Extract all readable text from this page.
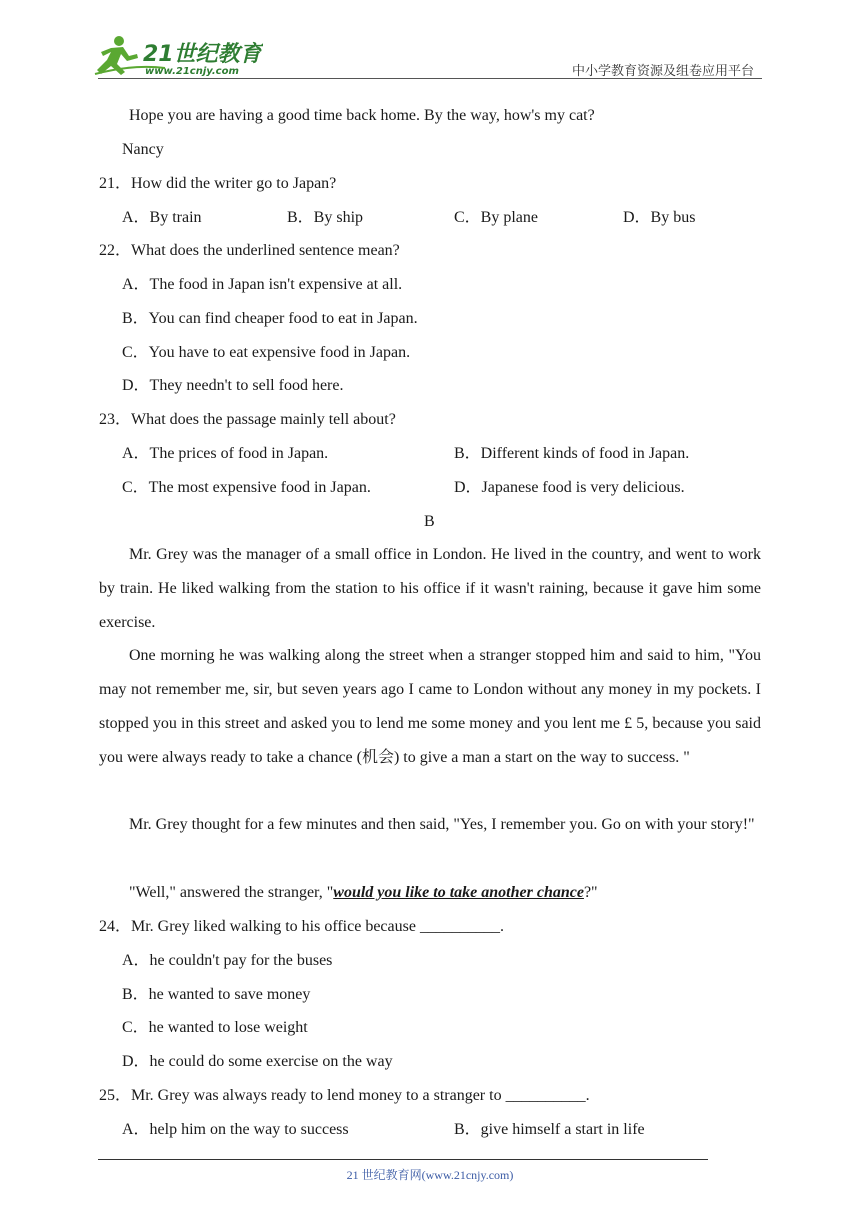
21世纪教育
www.21cnjy.com	中小学教育资源及组卷应用平台
Hope you are having a good time back home. By the way, how's my cat?
Nancy
21．How did the writer go to Japan?
A．By train	B．By ship	C．By plane	D．By bus
22．What does the underlined sentence mean?
A．The food in Japan isn't expensive at all.
B．You can find cheaper food to eat in Japan.
C．You have to eat expensive food in Japan.
D．They needn't to sell food here.
23．What does the passage mainly tell about?
A．The prices of food in Japan.	B．Different kinds of food in Japan.
C．The most expensive food in Japan.	D．Japanese food is very delicious.
B
Mr. Grey was the manager of a small office in London. He lived in the country, and went to work by train. He liked walking from the station to his office if it wasn't raining, because it gave him some exercise.
One morning he was walking along the street when a stranger stopped him and said to him, "You may not remember me, sir, but seven years ago I came to London without any money in my pockets. I stopped you in this street and asked you to lend me some money and you lent me £ 5, because you said you were always ready to take a chance (机会) to give a man a start on the way to success. "
Mr. Grey thought for a few minutes and then said, "Yes, I remember you. Go on with your story!"
"Well," answered the stranger, "would you like to take another chance?"
24．Mr. Grey liked walking to his office because __________.
A．he couldn't pay for the buses
B．he wanted to save money
C．he wanted to lose weight
D．he could do some exercise on the way
25．Mr. Grey was always ready to lend money to a stranger to __________.
A．help him on the way to success	B．give himself a start in life
21 世纪教育网(www.21cnjy.com)
